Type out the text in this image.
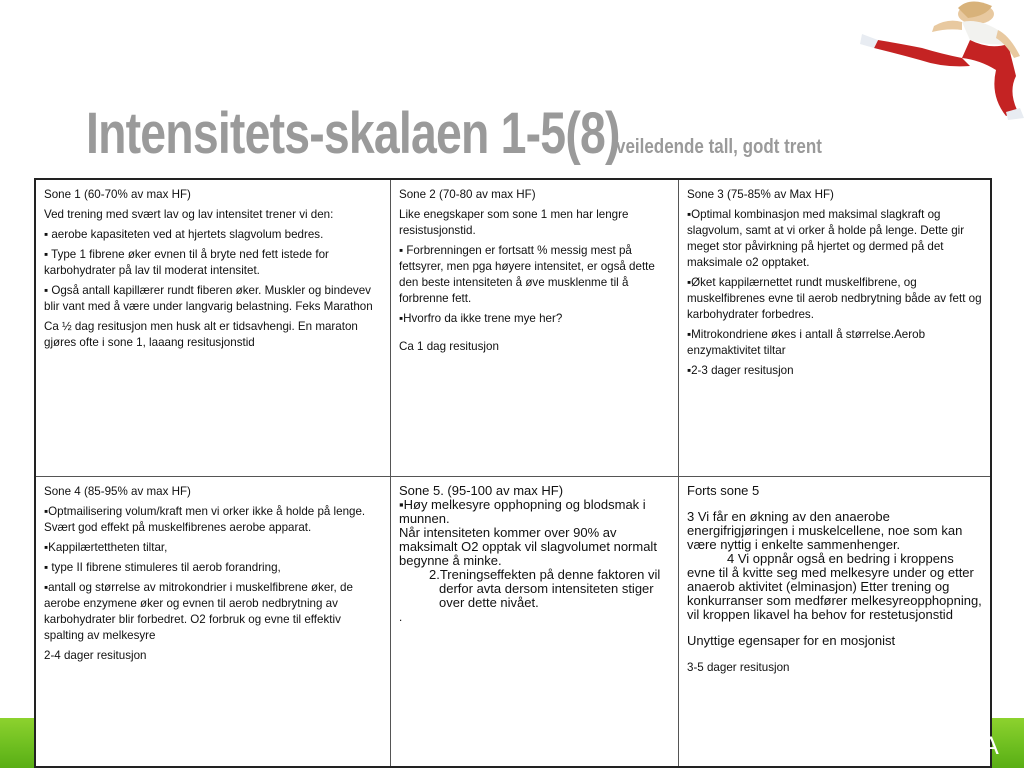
Intensitets-skalaen 1-5(8)
veiledende tall, godt trent

Sone 1 (60-70% av max HF)

Ved trening med svært lav og lav intensitet trener vi den:

▪ aerobe kapasiteten ved at hjertets slagvolum bedres.

▪ Type 1 fibrene øker evnen til å bryte ned fett istede for karbohydrater på lav til moderat intensitet.

▪ Også antall kapillærer rundt fiberen øker. Muskler og bindevev blir vant med å være under langvarig belastning. Feks Marathon

Ca ½ dag resitusjon men husk alt er tidsavhengi. En maraton gjøres ofte i sone 1, laaang resitusjonstid

Sone 2 (70-80 av max HF)

Like enegskaper som sone 1 men har lengre resistusjonstid.

▪ Forbrenningen er fortsatt % messig mest på fettsyrer, men pga høyere intensitet, er også dette den beste intensiteten å øve musklenme til å forbrenne fett.

▪Hvorfro da ikke trene mye her?

Ca 1 dag resitusjon

Sone 3 (75-85% av Max HF)

▪Optimal kombinasjon med maksimal slagkraft og slagvolum, samt at vi orker å holde på lenge. Dette gir meget stor påvirkning på hjertet og dermed på det maksimale o2 opptaket.

▪Øket kappilærnettet rundt muskelfibrene, og muskelfibrenes evne til aerob nedbrytning både av fett og karbohydrater forbedres.

▪Mitrokondriene økes i antall å størrelse.Aerob enzymaktivitet tiltar

▪2-3 dager resitusjon

Sone 4 (85-95% av max HF)

▪Optmailisering volum/kraft men vi orker ikke å holde på lenge. Svært god effekt på muskelfibrenes aerobe apparat.

▪Kappilærtettheten tiltar,

▪ type II fibrene stimuleres til aerob forandring,

▪antall og størrelse av mitrokondrier i muskelfibrene øker, de aerobe enzymene øker og evnen til aerob nedbrytning av karbohydrater blir forbedret. O2 forbruk og evne til effektiv spalting av melkesyre

2-4 dager resitusjon

Sone 5. (95-100 av max HF)

▪Høy melkesyre opphopning og blodsmak i munnen.

Når intensiteten kommer over 90% av maksimalt O2 opptak vil slagvolumet normalt begynne å minke.

2.Treningseffekten på denne faktoren vil derfor avta dersom intensiteten stiger over dette nivået.

.

Forts sone 5

3 Vi får en økning av den anaerobe energifrigjøringen i muskelcellene, noe som kan være nyttig i enkelte sammenhenger.

4 Vi oppnår også en bedring i kroppens evne til å kvitte seg med melkesyre under og etter anaerob aktivitet (elminasjon) Etter trening og konkurranser som medfører melkesyreopphopning, vil kroppen likavel ha behov for restetusjonstid

Unyttige egensaper for en mosjonist

3-5 dager resitusjon

ELIXIA
